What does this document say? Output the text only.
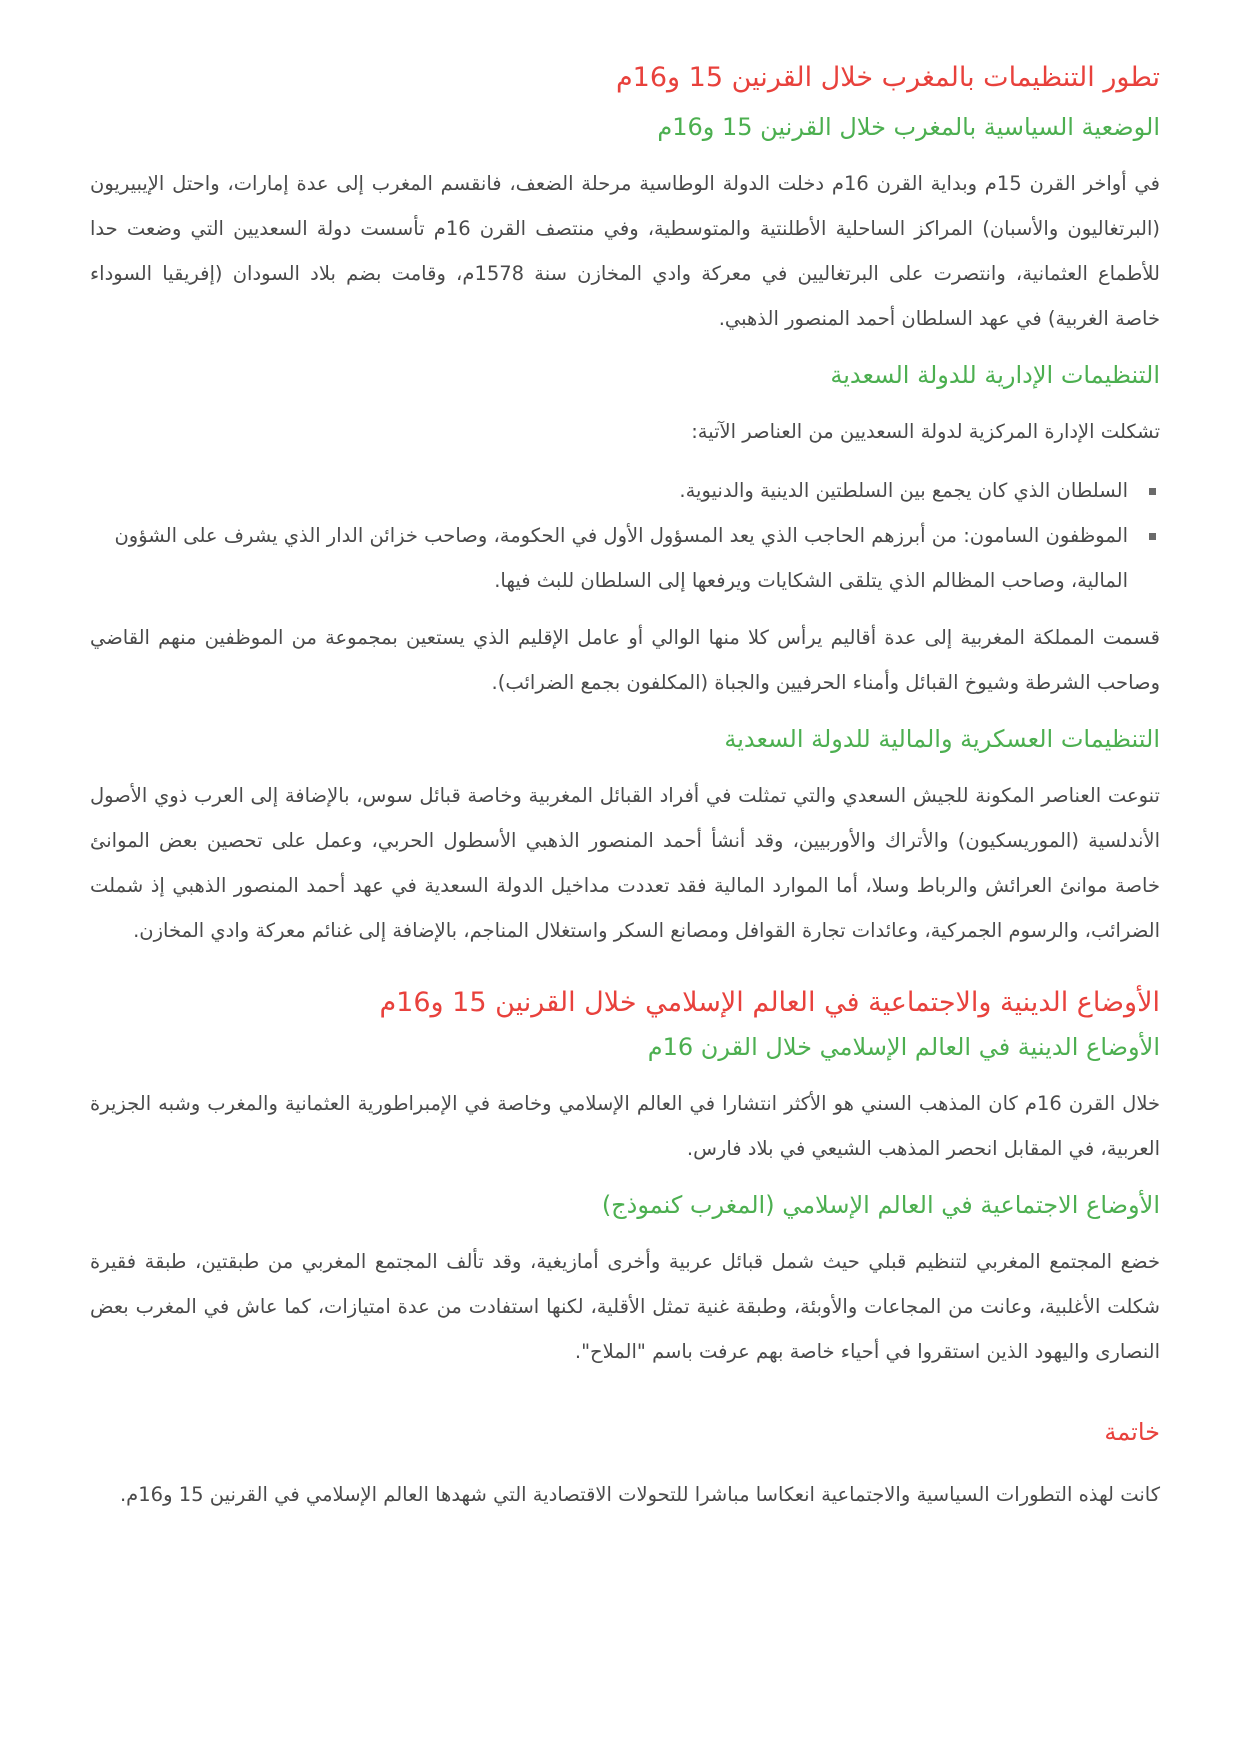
تطور التنظيمات بالمغرب خلال القرنين 15 و16م
الوضعية السياسية بالمغرب خلال القرنين 15 و16م

في أواخر القرن 15م وبداية القرن 16م دخلت الدولة الوطاسية مرحلة الضعف، فانقسم المغرب إلى عدة إمارات، واحتل الإيبيريون

(البرتغاليون والأسبان) المراكز الساحلية الأطلنتية والمتوسطية، وفي منتصف القرن 16م تأسست دولة السعديين التي وضعت حدا

للأطماع العثمانية، وانتصرت على البرتغاليين في معركة وادي المخازن سنة 1578م، وقامت بضم بلاد السودان (إفريقيا السوداء

خاصة الغربية) في عهد السلطان أحمد المنصور الذهبي.

التنظيمات الإدارية للدولة السعدية

تشكلت الإدارة المركزية لدولة السعديين من العناصر الآتية:

السلطان الذي كان يجمع بين السلطتين الدينية والدنيوية.
الموظفون السامون: من أبرزهم الحاجب الذي يعد المسؤول الأول في الحكومة، وصاحب خزائن الدار الذي يشرف على الشؤون
المالية، وصاحب المظالم الذي يتلقى الشكايات ويرفعها إلى السلطان للبث فيها.

قسمت المملكة المغربية إلى عدة أقاليم يرأس كلا منها الوالي أو عامل الإقليم الذي يستعين بمجموعة من الموظفين منهم القاضي

وصاحب الشرطة وشيوخ القبائل وأمناء الحرفيين والجباة (المكلفون بجمع الضرائب).

التنظيمات العسكرية والمالية للدولة السعدية

تنوعت العناصر المكونة للجيش السعدي والتي تمثلت في أفراد القبائل المغربية وخاصة قبائل سوس، بالإضافة إلى العرب ذوي الأصول

الأندلسية (الموريسكيون) والأتراك والأوربيين، وقد أنشأ أحمد المنصور الذهبي الأسطول الحربي، وعمل على تحصين بعض الموانئ

خاصة موانئ العرائش والرباط وسلا، أما الموارد المالية فقد تعددت مداخيل الدولة السعدية في عهد أحمد المنصور الذهبي إذ شملت

الضرائب، والرسوم الجمركية، وعائدات تجارة القوافل ومصانع السكر واستغلال المناجم، بالإضافة إلى غنائم معركة وادي المخازن.

الأوضاع الدينية والاجتماعية في العالم الإسلامي خلال القرنين 15 و16م
الأوضاع الدينية في العالم الإسلامي خلال القرن 16م

خلال القرن 16م كان المذهب السني هو الأكثر انتشارا في العالم الإسلامي وخاصة في الإمبراطورية العثمانية والمغرب وشبه الجزيرة

العربية، في المقابل انحصر المذهب الشيعي في بلاد فارس.

الأوضاع الاجتماعية في العالم الإسلامي (المغرب كنموذج)

خضع المجتمع المغربي لتنظيم قبلي حيث شمل قبائل عربية وأخرى أمازيغية، وقد تألف المجتمع المغربي من طبقتين، طبقة فقيرة

شكلت الأغلبية، وعانت من المجاعات والأوبئة، وطبقة غنية تمثل الأقلية، لكنها استفادت من عدة امتيازات، كما عاش في المغرب بعض

النصارى واليهود الذين استقروا في أحياء خاصة بهم عرفت باسم "الملاح".

خاتمة

كانت لهذه التطورات السياسية والاجتماعية انعكاسا مباشرا للتحولات الاقتصادية التي شهدها العالم الإسلامي في القرنين 15 و16م.
